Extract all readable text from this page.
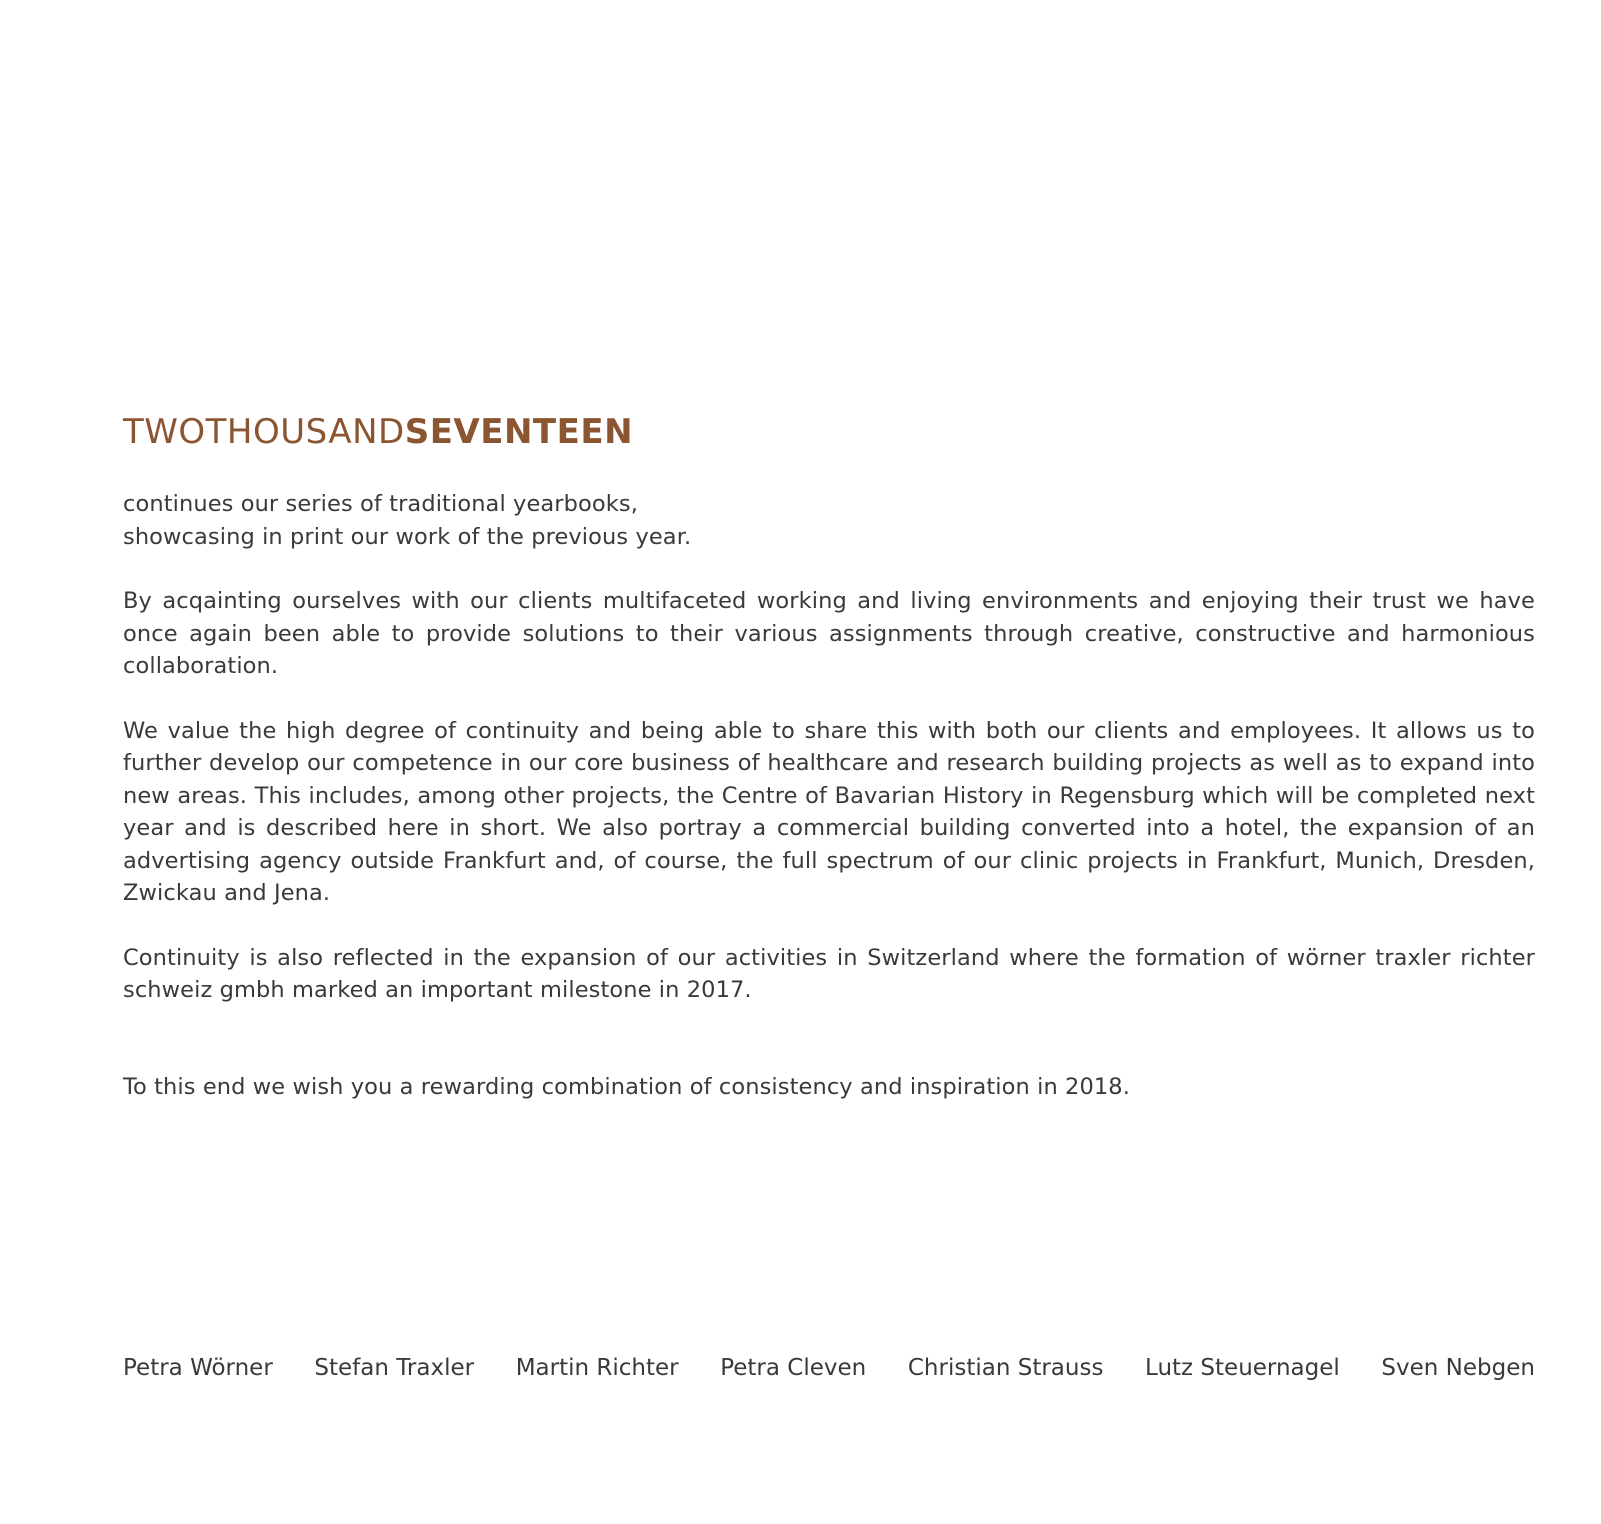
TWOTHOUSANDSEVENTEEN

continues our series of traditional yearbooks,
showcasing in print our work of the previous year.

By acqainting ourselves with our clients multifaceted working and living environments and enjoying their trust we have once again been able to provide solutions to their various assignments through creative, constructive and harmonious collaboration.

We value the high degree of continuity and being able to share this with both our clients and employees. It allows us to further develop our competence in our core business of healthcare and research building projects as well as to expand into new areas. This includes, among other projects, the Centre of Bavarian History in Regensburg which will be completed next year and is described here in short. We also portray a commercial building converted into a hotel, the expansion of an advertising agency outside Frankfurt and, of course, the full spectrum of our clinic projects in Frankfurt, Munich, Dresden, Zwickau and Jena.

Continuity is also reflected in the expansion of our activities in Switzerland where the formation of wörner traxler richter schweiz gmbh marked an important milestone in 2017.

To this end we wish you a rewarding combination of consistency and inspiration in 2018.

Petra Wörner Stefan Traxler Martin Richter Petra Cleven Christian Strauss Lutz Steuernagel Sven Nebgen
